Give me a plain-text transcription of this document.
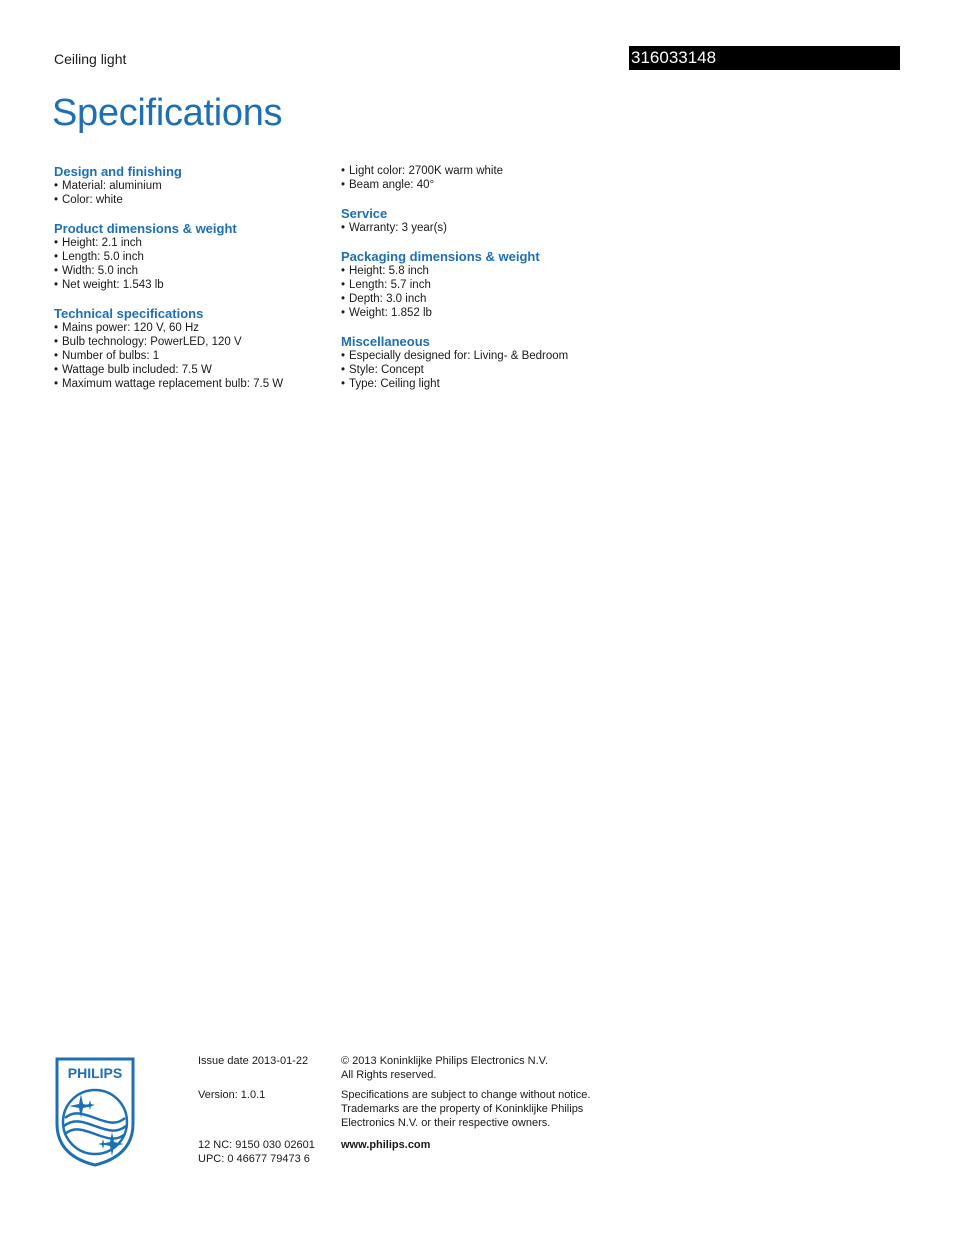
Ceiling light	316033148
Specifications
Design and finishing
• Material: aluminium
• Color: white
Product dimensions & weight
• Height: 2.1 inch
• Length: 5.0 inch
• Width: 5.0 inch
• Net weight: 1.543 lb
Technical specifications
• Mains power: 120 V, 60 Hz
• Bulb technology: PowerLED, 120 V
• Number of bulbs: 1
• Wattage bulb included: 7.5 W
• Maximum wattage replacement bulb: 7.5 W
• Light color: 2700K warm white
• Beam angle: 40°
Service
• Warranty: 3 year(s)
Packaging dimensions & weight
• Height: 5.8 inch
• Length: 5.7 inch
• Depth: 3.0 inch
• Weight: 1.852 lb
Miscellaneous
• Especially designed for: Living- & Bedroom
• Style: Concept
• Type: Ceiling light
PHILIPS
Issue date 2013-01-22
Version: 1.0.1
12 NC: 9150 030 02601
UPC: 0 46677 79473 6
© 2013 Koninklijke Philips Electronics N.V.
All Rights reserved.
Specifications are subject to change without notice.
Trademarks are the property of Koninklijke Philips
Electronics N.V. or their respective owners.
www.philips.com
